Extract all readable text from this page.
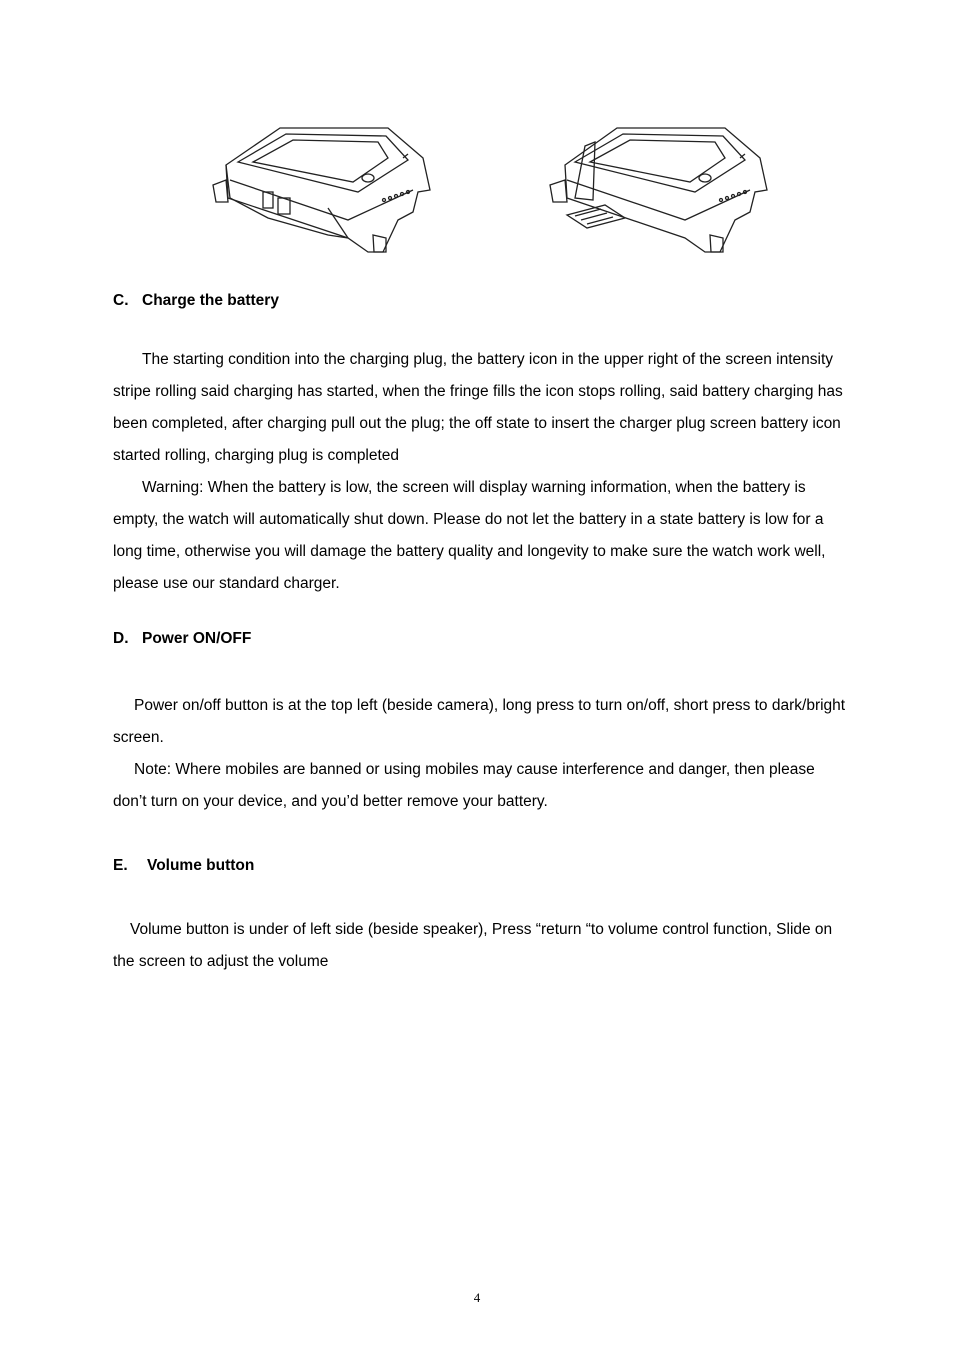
C. Charge the battery

The starting condition into the charging plug, the battery icon in the upper right of the screen intensity stripe rolling said charging has started, when the fringe fills the icon stops rolling, said battery charging has been completed, after charging pull out the plug; the off state to insert the charger plug screen battery icon started rolling, charging plug is completed

Warning: When the battery is low, the screen will display warning information, when the battery is empty, the watch will automatically shut down. Please do not let the battery in a state battery is low for a long time, otherwise you will damage the battery quality and longevity to make sure the watch work well, please use our standard charger.

D. Power ON/OFF

Power on/off button is at the top left (beside camera), long press to turn on/off, short press to dark/bright screen.

Note: Where mobiles are banned or using mobiles may cause interference and danger, then please don’t turn on your device, and you’d better remove your battery.

E. Volume button

Volume button is under of left side (beside speaker), Press “return “to volume control function, Slide on the screen to adjust the volume

4
